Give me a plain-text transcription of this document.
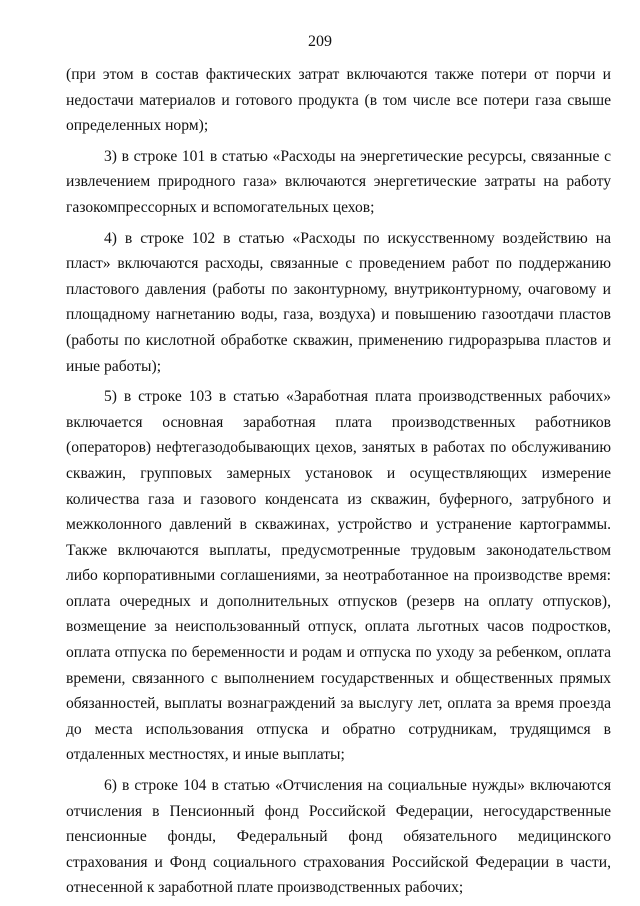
209

(при этом в состав фактических затрат включаются также потери от порчи и недостачи материалов и готового продукта (в том числе все потери газа свыше определенных норм);

3) в строке 101 в статью «Расходы на энергетические ресурсы, связанные с извлечением природного газа» включаются энергетические затраты на работу газокомпрессорных и вспомогательных цехов;

4) в строке 102 в статью «Расходы по искусственному воздействию на пласт» включаются расходы, связанные с проведением работ по поддержанию пластового давления (работы по законтурному, внутриконтурному, очаговому и площадному нагнетанию воды, газа, воздуха) и повышению газоотдачи пластов (работы по кислотной обработке скважин, применению гидроразрыва пластов и иные работы);

5) в строке 103 в статью «Заработная плата производственных рабочих» включается основная заработная плата производственных работников (операторов) нефтегазодобывающих цехов, занятых в работах по обслуживанию скважин, групповых замерных установок и осуществляющих измерение количества газа и газового конденсата из скважин, буферного, затрубного и межколонного давлений в скважинах, устройство и устранение картограммы. Также включаются выплаты, предусмотренные трудовым законодательством либо корпоративными соглашениями, за неотработанное на производстве время: оплата очередных и дополнительных отпусков (резерв на оплату отпусков), возмещение за неиспользованный отпуск, оплата льготных часов подростков, оплата отпуска по беременности и родам и отпуска по уходу за ребенком, оплата времени, связанного с выполнением государственных и общественных прямых обязанностей, выплаты вознаграждений за выслугу лет, оплата за время проезда до места использования отпуска и обратно сотрудникам, трудящимся в отдаленных местностях, и иные выплаты;

6) в строке 104 в статью «Отчисления на социальные нужды» включаются отчисления в Пенсионный фонд Российской Федерации, негосударственные пенсионные фонды, Федеральный фонд обязательного медицинского страхования и Фонд социального страхования Российской Федерации в части, отнесенной к заработной плате производственных рабочих;
